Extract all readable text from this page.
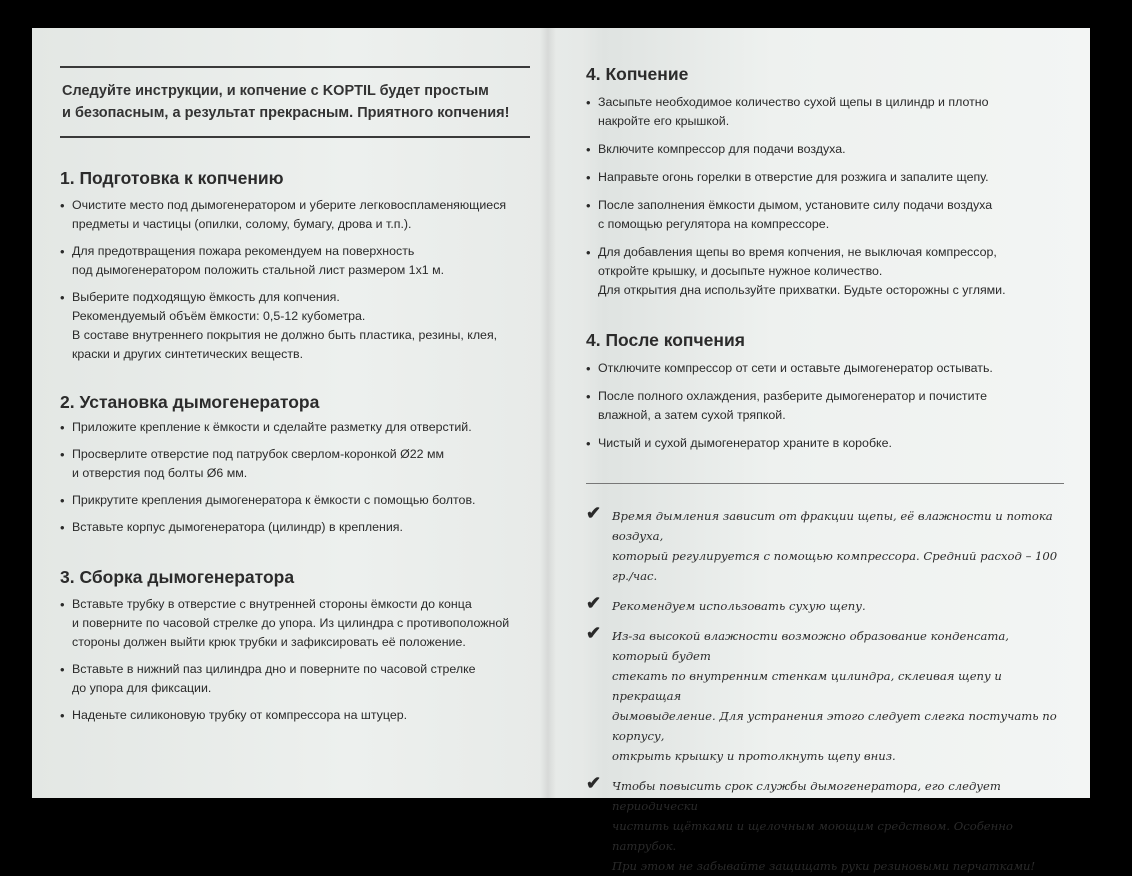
Следуйте инструкции, и копчение с KOPTIL будет простым
и безопасным, а результат прекрасным. Приятного копчения!
1. Подготовка к копчению
• Очистите место под дымогенератором и уберите легковоспламеняющиеся
предметы и частицы (опилки, солому, бумагу, дрова и т.п.).
• Для предотвращения пожара рекомендуем на поверхность
под дымогенератором положить стальной лист размером 1х1 м.
• Выберите подходящую ёмкость для копчения.
Рекомендуемый объём ёмкости: 0,5-12 кубометра.
В составе внутреннего покрытия не должно быть пластика, резины, клея,
краски и других синтетических веществ.
2. Установка дымогенератора
• Приложите крепление к ёмкости и сделайте разметку для отверстий.
• Просверлите отверстие под патрубок сверлом-коронкой Ø22 мм
и отверстия под болты Ø6 мм.
• Прикрутите крепления дымогенератора к ёмкости с помощью болтов.
• Вставьте корпус дымогенератора (цилиндр) в крепления.
3. Сборка дымогенератора
• Вставьте трубку в отверстие с внутренней стороны ёмкости до конца
и поверните по часовой стрелке до упора. Из цилиндра с противоположной
стороны должен выйти крюк трубки и зафиксировать её положение.
• Вставьте в нижний паз цилиндра дно и поверните по часовой стрелке
до упора для фиксации.
• Наденьте силиконовую трубку от компрессора на штуцер.
4. Копчение
• Засыпьте необходимое количество сухой щепы в цилиндр и плотно
накройте его крышкой.
• Включите компрессор для подачи воздуха.
• Направьте огонь горелки в отверстие для розжига и запалите щепу.
• После заполнения ёмкости дымом, установите силу подачи воздуха
с помощью регулятора на компрессоре.
• Для добавления щепы во время копчения, не выключая компрессор,
откройте крышку, и досыпьте нужное количество.
Для открытия дна используйте прихватки. Будьте осторожны с углями.
4. После копчения
• Отключите компрессор от сети и оставьте дымогенератор остывать.
• После полного охлаждения, разберите дымогенератор и почистите
влажной, а затем сухой тряпкой.
• Чистый и сухой дымогенератор храните в коробке.
✔ Время дымления зависит от фракции щепы, её влажности и потока воздуха,
который регулируется с помощью компрессора. Средний расход – 100 гр./час.
✔ Рекомендуем использовать сухую щепу.
✔ Из-за высокой влажности возможно образование конденсата, который будет
стекать по внутренним стенкам цилиндра, склеивая щепу и прекращая
дымовыделение. Для устранения этого следует слегка постучать по корпусу,
открыть крышку и протолкнуть щепу вниз.
✔ Чтобы повысить срок службы дымогенератора, его следует периодически
чистить щётками и щелочным моющим средством. Особенно патрубок.
При этом не забывайте защищать руки резиновыми перчатками!
